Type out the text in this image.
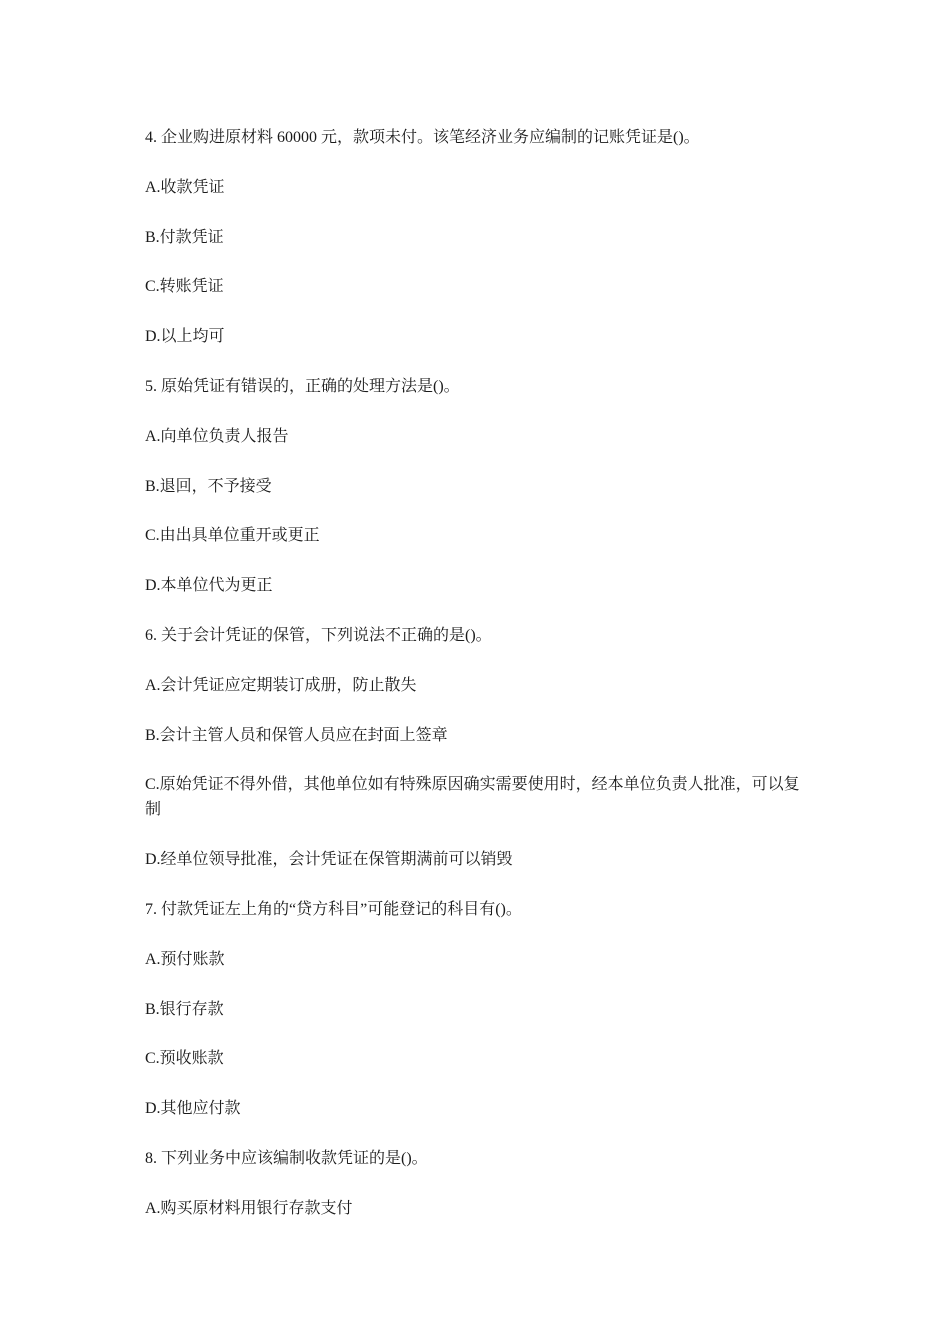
4. 企业购进原材料 60000 元，款项未付。该笔经济业务应编制的记账凭证是()。

A.收款凭证

B.付款凭证

C.转账凭证

D.以上均可

5. 原始凭证有错误的，正确的处理方法是()。

A.向单位负责人报告

B.退回，不予接受

C.由出具单位重开或更正

D.本单位代为更正

6. 关于会计凭证的保管，下列说法不正确的是()。

A.会计凭证应定期装订成册，防止散失

B.会计主管人员和保管人员应在封面上签章

C.原始凭证不得外借，其他单位如有特殊原因确实需要使用时，经本单位负责人批准，可以复制

D.经单位领导批准，会计凭证在保管期满前可以销毁

7. 付款凭证左上角的“贷方科目”可能登记的科目有()。

A.预付账款

B.银行存款

C.预收账款

D.其他应付款

8. 下列业务中应该编制收款凭证的是()。

A.购买原材料用银行存款支付
